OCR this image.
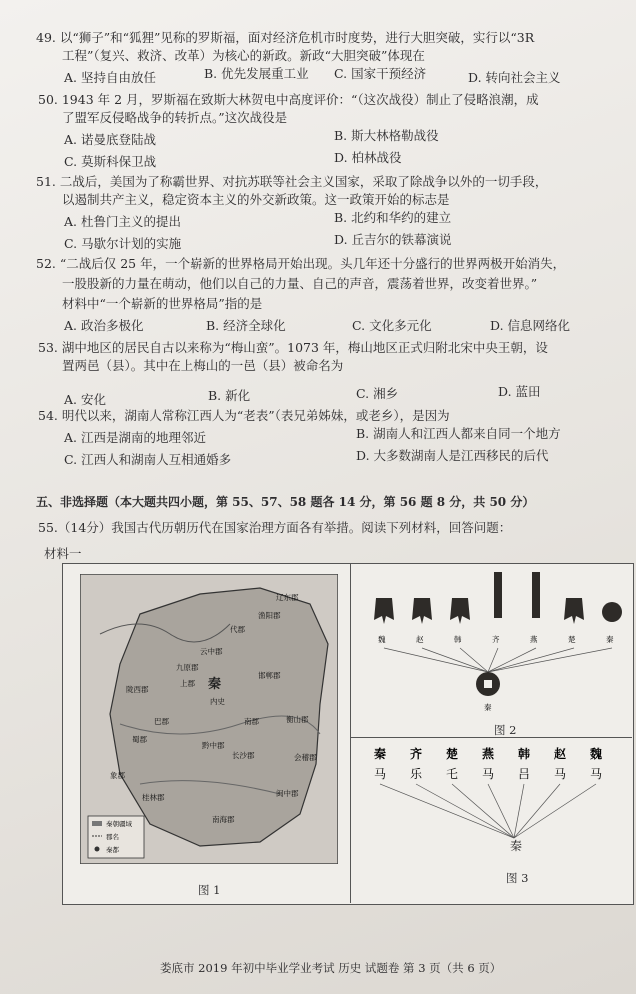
49. 以“狮子”和“狐狸”见称的罗斯福，面对经济危机市时度势，进行大胆突破，实行以“3R
工程”（复兴、救济、改革）为核心的新政。新政“大胆突破”体现在
A. 坚持自由放任	B. 优先发展重工业 C. 国家干预经济	D. 转向社会主义
50. 1943 年 2 月，罗斯福在致斯大林贺电中高度评价：“（这次战役）制止了侵略浪潮，成
了盟军反侵略战争的转折点。”这次战役是
A. 诺曼底登陆战	B. 斯大林格勒战役
C. 莫斯科保卫战	D. 柏林战役
51. 二战后，美国为了称霸世界、对抗苏联等社会主义国家，采取了除战争以外的一切手段，
以遏制共产主义，稳定资本主义的外交新政策。这一政策开始的标志是
A. 杜鲁门主义的提出	B. 北约和华约的建立
C. 马歇尔计划的实施	D. 丘吉尔的铁幕演说
52. “二战后仅 25 年，一个崭新的世界格局开始出现。头几年还十分盛行的世界两极开始消失，
一股股新的力量在萌动，他们以自己的力量、自己的声音，震荡着世界，改变着世界。”
材料中“一个崭新的世界格局”指的是
A. 政治多极化	B. 经济全球化	C. 文化多元化	D. 信息网络化
53. 湖中地区的居民自古以来称为“梅山蛮”。1073 年，梅山地区正式归附北宋中央王朝，设
置两邑（县）。其中在上梅山的一邑（县）被命名为
A. 安化	B. 新化	C. 湘乡	D. 蓝田
54. 明代以来，湖南人常称江西人为“老表”（表兄弟姊妹，或老乡），是因为
A. 江西是湖南的地理邻近	B. 湖南人和江西人都来自同一个地方
C. 江西人和湖南人互相通婚多	D. 大多数湖南人是江西移民的后代
五、非选择题（本大题共四小题，第 55、57、58 题各 14 分，第 56 题 8 分，共 50 分）
55.（14分）我国古代历朝历代在国家治理方面各有举措。阅读下列材料，回答问题：
材料一
辽东郡
渔阳郡
代郡
云中郡
九原郡
上郡
邯郸郡
陇西郡
巴郡	南郡
长沙郡
蜀郡
黔中郡
衡山郡
会稽郡
闽中郡
桂林郡
南海郡
象郡
内史
秦
秦朝疆域
郡名
秦都
图 1
魏	赵	韩	齐	燕	楚	秦
秦
图 2
秦
马
齐
乐
楚
乇
燕
马
韩
吕
赵
马
魏
马
秦
图 3
娄底市 2019 年初中毕业学业考试 历史 试题卷 第 3 页（共 6 页）
